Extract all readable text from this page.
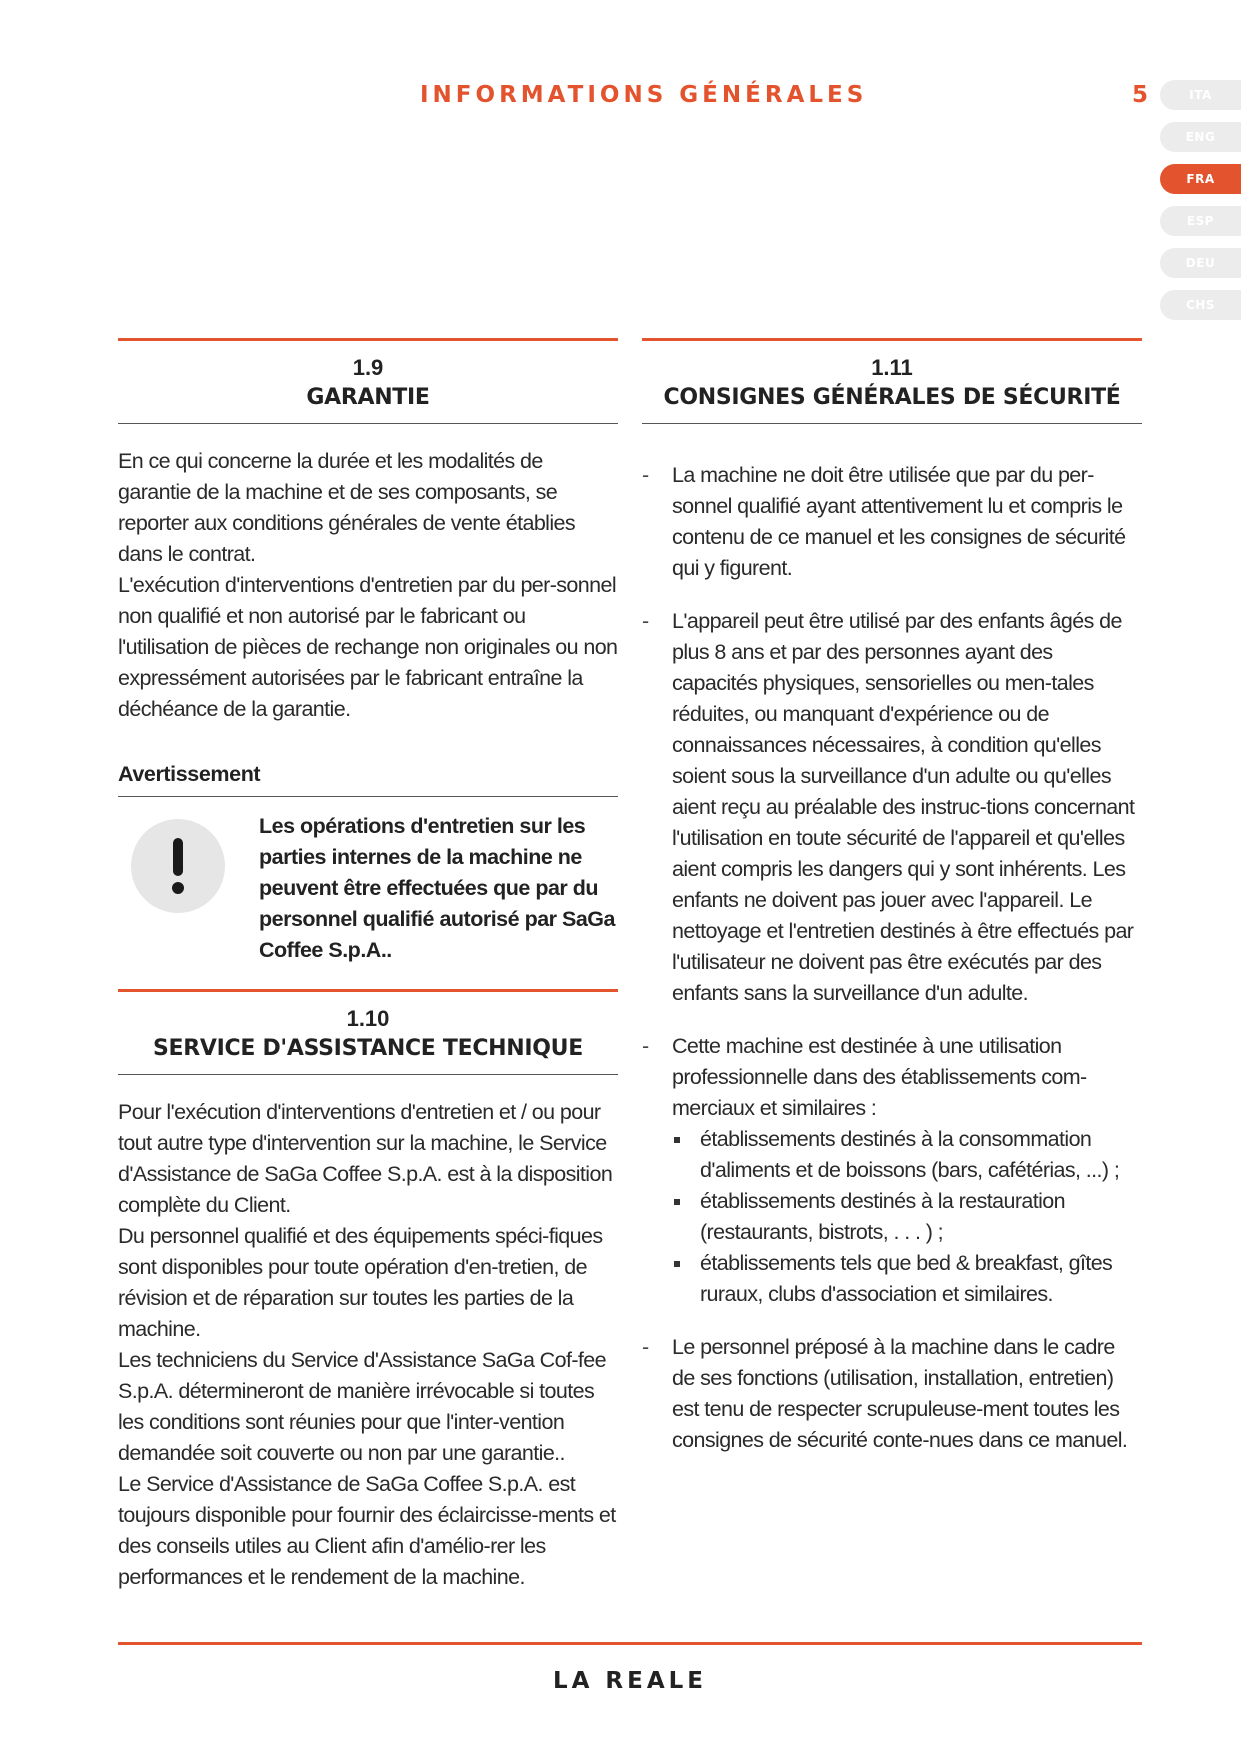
INFORMATIONS GÉNÉRALES	5	ITA
ENG
FRA
ESP
DEU
CHS
1.9
GARANTIE

En ce qui concerne la durée et les modalités de garantie de la machine et de ses composants, se reporter aux conditions générales de vente établies dans le contrat.

L'exécution d'interventions d'entretien par du per-sonnel non qualifié et non autorisé par le fabricant ou l'utilisation de pièces de rechange non originales ou non expressément autorisées par le fabricant entraîne la déchéance de la garantie.

Avertissement
Les opérations d'entretien sur les parties internes de la machine ne peuvent être effectuées que par du personnel qualifié autorisé par SaGa Coffee S.p.A..
1.10
SERVICE D'ASSISTANCE TECHNIQUE

Pour l'exécution d'interventions d'entretien et / ou pour tout autre type d'intervention sur la machine, le Service d'Assistance de SaGa Coffee S.p.A. est à la disposition complète du Client.

Du personnel qualifié et des équipements spéci-fiques sont disponibles pour toute opération d'en-tretien, de révision et de réparation sur toutes les parties de la machine.

Les techniciens du Service d'Assistance SaGa Cof-fee S.p.A. détermineront de manière irrévocable si toutes les conditions sont réunies pour que l'inter-vention demandée soit couverte ou non par une garantie..

Le Service d'Assistance de SaGa Coffee S.p.A. est toujours disponible pour fournir des éclaircisse-ments et des conseils utiles au Client afin d'amélio-rer les performances et le rendement de la machine.

1.11
CONSIGNES GÉNÉRALES DE SÉCURITÉ
- La machine ne doit être utilisée que par du per-sonnel qualifié ayant attentivement lu et compris le contenu de ce manuel et les consignes de sécurité qui y figurent.

- L'appareil peut être utilisé par des enfants âgés de plus 8 ans et par des personnes ayant des capacités physiques, sensorielles ou men-tales réduites, ou manquant d'expérience ou de connaissances nécessaires, à condition qu'elles soient sous la surveillance d'un adulte ou qu'elles aient reçu au préalable des instruc-tions concernant l'utilisation en toute sécurité de l'appareil et qu'elles aient compris les dangers qui y sont inhérents. Les enfants ne doivent pas jouer avec l'appareil. Le nettoyage et l'entretien destinés à être effectués par l'utilisateur ne doivent pas être exécutés par des enfants sans la surveillance d'un adulte.

- Cette machine est destinée à une utilisation professionnelle dans des établissements com-merciaux et similaires :

établissements destinés à la consommation d'aliments et de boissons (bars, cafétérias, ...) ;

établissements destinés à la restauration (restaurants, bistrots, . . . ) ;

établissements tels que bed & breakfast, gîtes ruraux, clubs d'association et similaires.

- Le personnel préposé à la machine dans le cadre de ses fonctions (utilisation, installation, entretien) est tenu de respecter scrupuleuse-ment toutes les consignes de sécurité conte-nues dans ce manuel.

LA REALE
